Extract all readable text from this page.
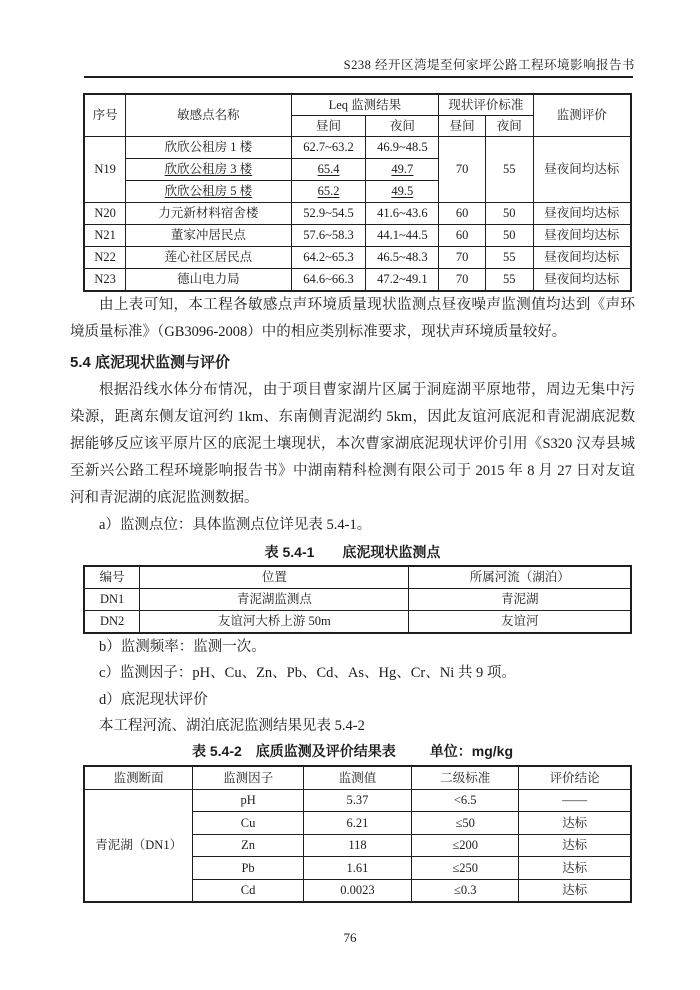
S238 经开区湾堤至何家坪公路工程环境影响报告书
序号	敏感点名称	Leq 监测结果		现状评价标准		监测评价
		昼间	夜间	昼间	夜间	
N19	欣欣公租房 1 楼	62.7~63.2	46.9~48.5	70	55	昼夜间均达标
	欣欣公租房 3 楼	65.4	49.7			
	欣欣公租房 5 楼	65.2	49.5			
N20	力元新材料宿舍楼	52.9~54.5	41.6~43.6	60	50	昼夜间均达标
N21	董家冲居民点	57.6~58.3	44.1~44.5	60	50	昼夜间均达标
N22	莲心社区居民点	64.2~65.3	46.5~48.3	70	55	昼夜间均达标
N23	德山电力局	64.6~66.3	47.2~49.1	70	55	昼夜间均达标

由上表可知，本工程各敏感点声环境质量现状监测点昼夜噪声监测值均达到《声环境质量标准》（GB3096-2008）中的相应类别标准要求，现状声环境质量较好。

5.4 底泥现状监测与评价

根据沿线水体分布情况，由于项目曹家湖片区属于洞庭湖平原地带，周边无集中污染源，距离东侧友谊河约 1km、东南侧青泥湖约 5km，因此友谊河底泥和青泥湖底泥数据能够反应该平原片区的底泥土壤现状，本次曹家湖底泥现状评价引用《S320 汉寿县城至新兴公路工程环境影响报告书》中湖南精科检测有限公司于 2015 年 8 月 27 日对友谊河和青泥湖的底泥监测数据。

a）监测点位：具体监测点位详见表 5.4-1。

表 5.4-1 底泥现状监测点
编号	位置	所属河流（湖泊）
DN1	青泥湖监测点	青泥湖
DN2	友谊河大桥上游 50m	友谊河

b）监测频率：监测一次。

c）监测因子：pH、Cu、Zn、Pb、Cd、As、Hg、Cr、Ni 共 9 项。

d）底泥现状评价

本工程河流、湖泊底泥监测结果见表 5.4-2

表 5.4-2 底质监测及评价结果表 单位：mg/kg
监测断面	监测因子	监测值	二级标准	评价结论
青泥湖（DN1）	pH	5.37	<6.5	——
	Cu	6.21	≤50	达标
	Zn	118	≤200	达标
	Pb	1.61	≤250	达标
	Cd	0.0023	≤0.3	达标
76
